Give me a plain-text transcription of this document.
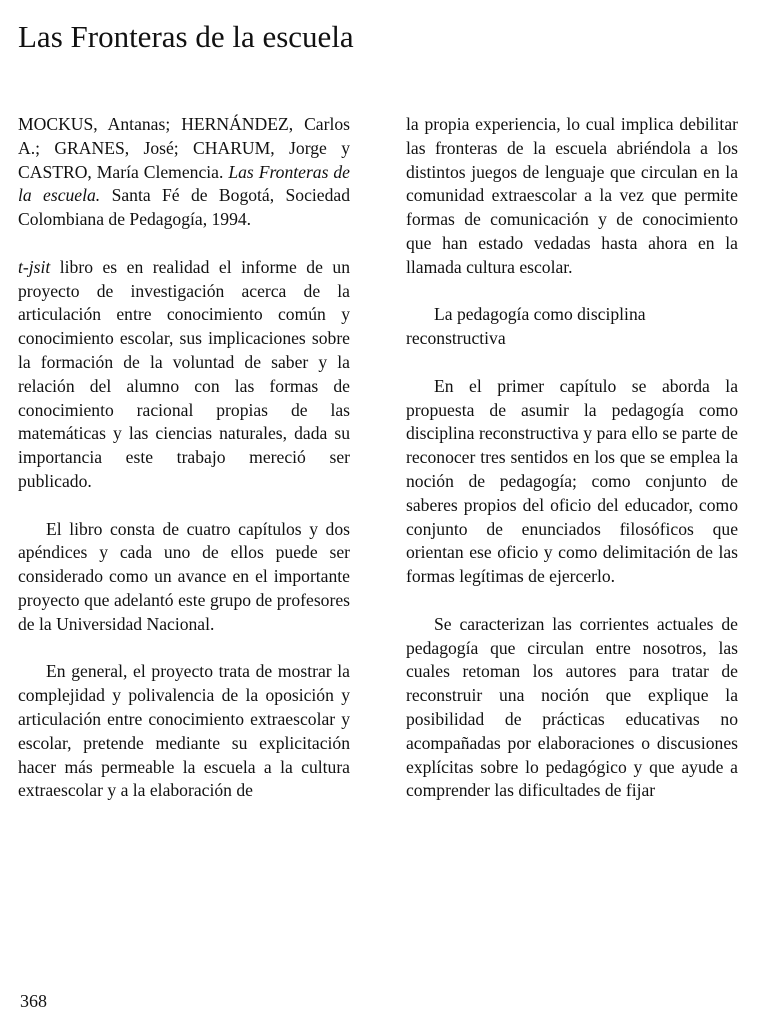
Las Fronteras de la escuela

MOCKUS, Antanas; HERNÁNDEZ, Carlos A.; GRANES, José; CHARUM, Jorge y CASTRO, María Clemencia. Las Fronteras de la escuela. Santa Fé de Bogotá, Sociedad Colombiana de Pedagogía, 1994.

t-jsit libro es en realidad el informe de un proyecto de investigación acerca de la articulación entre conocimiento común y conocimiento escolar, sus implicaciones sobre la formación de la voluntad de saber y la relación del alumno con las formas de conocimiento racional propias de las matemáticas y las ciencias naturales, dada su importancia este trabajo mereció ser publicado.

El libro consta de cuatro capítulos y dos apéndices y cada uno de ellos puede ser considerado como un avance en el importante proyecto que adelantó este grupo de profesores de la Universidad Nacional.

En general, el proyecto trata de mostrar la complejidad y polivalencia de la oposición y articulación entre conocimiento extraescolar y escolar, pretende mediante su explicitación hacer más permeable la escuela a la cultura extraescolar y a la elaboración de

la propia experiencia, lo cual implica debilitar las fronteras de la escuela abriéndola a los distintos juegos de lenguaje que circulan en la comunidad extraescolar a la vez que permite formas de comunicación y de conocimiento que han estado vedadas hasta ahora en la llamada cultura escolar.

La pedagogía como disciplina reconstructiva

En el primer capítulo se aborda la propuesta de asumir la pedagogía como disciplina reconstructiva y para ello se parte de reconocer tres sentidos en los que se emplea la noción de pedagogía; como conjunto de saberes propios del oficio del educador, como conjunto de enunciados filosóficos que orientan ese oficio y como delimitación de las formas legítimas de ejercerlo.

Se caracterizan las corrientes actuales de pedagogía que circulan entre nosotros, las cuales retoman los autores para tratar de reconstruir una noción que explique la posibilidad de prácticas educativas no acompañadas por elaboraciones o discusiones explícitas sobre lo pedagógico y que ayude a comprender las dificultades de fijar

368
